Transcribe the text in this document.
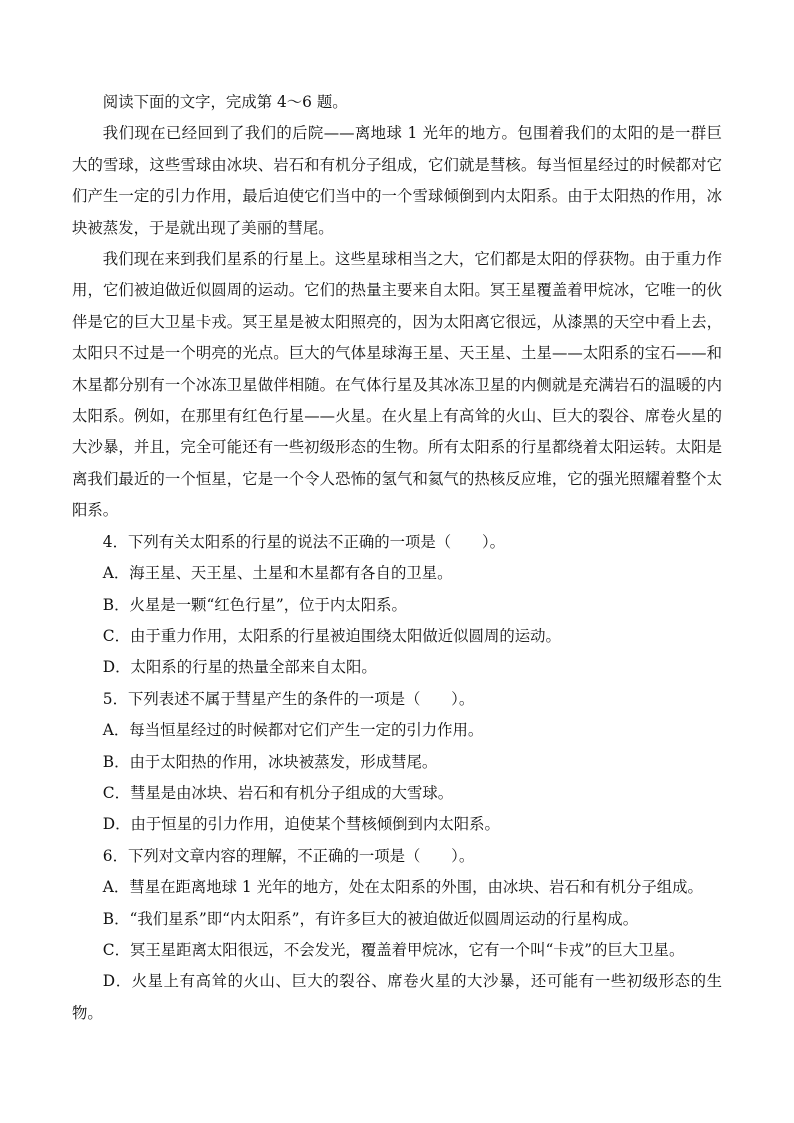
阅读下面的文字，完成第 4～6 题。

我们现在已经回到了我们的后院——离地球 1 光年的地方。包围着我们的太阳的是一群巨大的雪球，这些雪球由冰块、岩石和有机分子组成，它们就是彗核。每当恒星经过的时候都对它们产生一定的引力作用，最后迫使它们当中的一个雪球倾倒到内太阳系。由于太阳热的作用，冰块被蒸发，于是就出现了美丽的彗尾。

我们现在来到我们星系的行星上。这些星球相当之大，它们都是太阳的俘获物。由于重力作用，它们被迫做近似圆周的运动。它们的热量主要来自太阳。冥王星覆盖着甲烷冰，它唯一的伙伴是它的巨大卫星卡戎。冥王星是被太阳照亮的，因为太阳离它很远，从漆黑的天空中看上去，太阳只不过是一个明亮的光点。巨大的气体星球海王星、天王星、土星——太阳系的宝石——和木星都分别有一个冰冻卫星做伴相随。在气体行星及其冰冻卫星的内侧就是充满岩石的温暖的内太阳系。例如，在那里有红色行星——火星。在火星上有高耸的火山、巨大的裂谷、席卷火星的大沙暴，并且，完全可能还有一些初级形态的生物。所有太阳系的行星都绕着太阳运转。太阳是离我们最近的一个恒星，它是一个令人恐怖的氢气和氦气的热核反应堆，它的强光照耀着整个太阳系。

4．下列有关太阳系的行星的说法不正确的一项是（　　）。

A．海王星、天王星、土星和木星都有各自的卫星。

B．火星是一颗“红色行星”，位于内太阳系。

C．由于重力作用，太阳系的行星被迫围绕太阳做近似圆周的运动。

D．太阳系的行星的热量全部来自太阳。

5．下列表述不属于彗星产生的条件的一项是（　　）。

A．每当恒星经过的时候都对它们产生一定的引力作用。

B．由于太阳热的作用，冰块被蒸发，形成彗尾。

C．彗星是由冰块、岩石和有机分子组成的大雪球。

D．由于恒星的引力作用，迫使某个彗核倾倒到内太阳系。

6．下列对文章内容的理解，不正确的一项是（　　）。

A．彗星在距离地球 1 光年的地方，处在太阳系的外围，由冰块、岩石和有机分子组成。

B．“我们星系”即“内太阳系”，有许多巨大的被迫做近似圆周运动的行星构成。

C．冥王星距离太阳很远，不会发光，覆盖着甲烷冰，它有一个叫“卡戎”的巨大卫星。

D．火星上有高耸的火山、巨大的裂谷、席卷火星的大沙暴，还可能有一些初级形态的生物。
